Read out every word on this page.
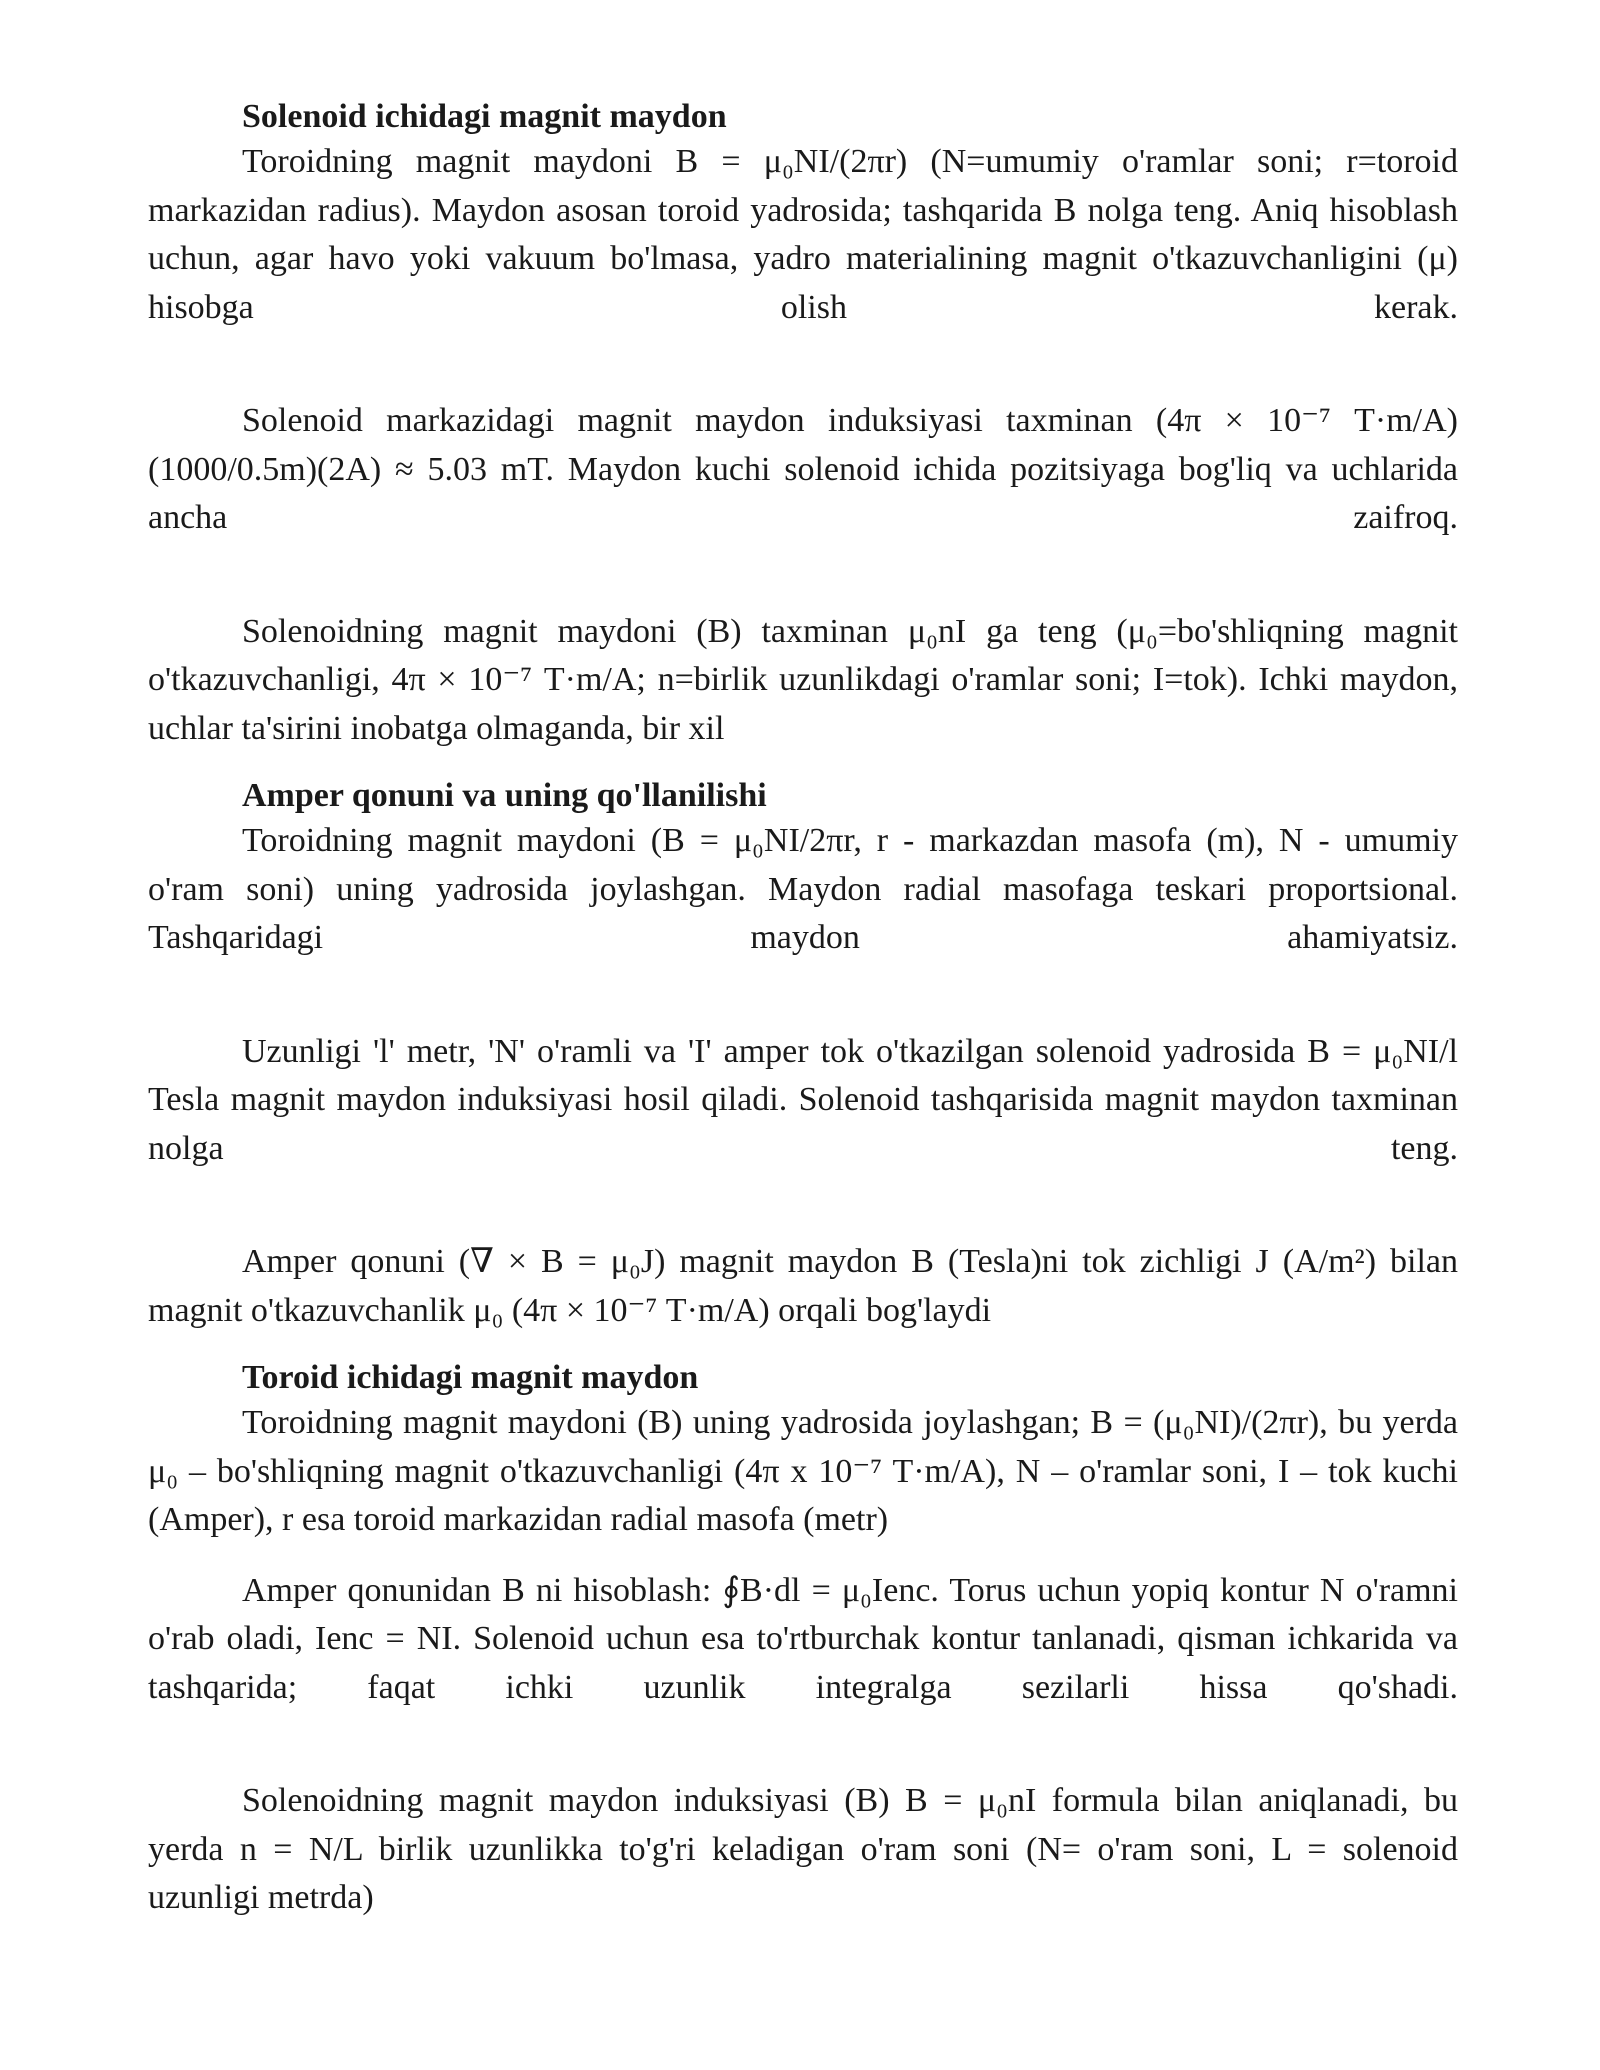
Solenoid ichidagi magnit maydon

Toroidning magnit maydoni B = μ₀NI/(2πr) (N=umumiy o'ramlar soni; r=toroid markazidan radius). Maydon asosan toroid yadrosida; tashqarida B nolga teng. Aniq hisoblash uchun, agar havo yoki vakuum bo'lmasa, yadro materialining magnit o'tkazuvchanligini (μ) hisobga olish kerak.

Solenoid markazidagi magnit maydon induksiyasi taxminan (4π × 10⁻⁷ T·m/A)(1000/0.5m)(2A) ≈ 5.03 mT. Maydon kuchi solenoid ichida pozitsiyaga bog'liq va uchlarida ancha zaifroq.

Solenoidning magnit maydoni (B) taxminan μ₀nI ga teng (μ₀=bo'shliqning magnit o'tkazuvchanligi, 4π × 10⁻⁷ T·m/A; n=birlik uzunlikdagi o'ramlar soni; I=tok). Ichki maydon, uchlar ta'sirini inobatga olmaganda, bir xil

Amper qonuni va uning qo'llanilishi

Toroidning magnit maydoni (B = μ₀NI/2πr, r - markazdan masofa (m), N - umumiy o'ram soni) uning yadrosida joylashgan. Maydon radial masofaga teskari proportsional. Tashqaridagi maydon ahamiyatsiz.

Uzunligi 'l' metr, 'N' o'ramli va 'I' amper tok o'tkazilgan solenoid yadrosida B = μ₀NI/l Tesla magnit maydon induksiyasi hosil qiladi. Solenoid tashqarisida magnit maydon taxminan nolga teng.

Amper qonuni (∇ × B = μ₀J) magnit maydon B (Tesla)ni tok zichligi J (A/m²) bilan magnit o'tkazuvchanlik μ₀ (4π × 10⁻⁷ T·m/A) orqali bog'laydi

Toroid ichidagi magnit maydon

Toroidning magnit maydoni (B) uning yadrosida joylashgan; B = (μ₀NI)/(2πr), bu yerda μ₀ – bo'shliqning magnit o'tkazuvchanligi (4π x 10⁻⁷ T·m/A), N – o'ramlar soni, I – tok kuchi (Amper), r esa toroid markazidan radial masofa (metr)

Amper qonunidan B ni hisoblash: ∮B·dl = μ₀Ienc. Torus uchun yopiq kontur N o'ramni o'rab oladi, Ienc = NI. Solenoid uchun esa to'rtburchak kontur tanlanadi, qisman ichkarida va tashqarida; faqat ichki uzunlik integralga sezilarli hissa qo'shadi.

Solenoidning magnit maydon induksiyasi (B) B = μ₀nI formula bilan aniqlanadi, bu yerda n = N/L birlik uzunlikka to'g'ri keladigan o'ram soni (N= o'ram soni, L = solenoid uzunligi metrda)
